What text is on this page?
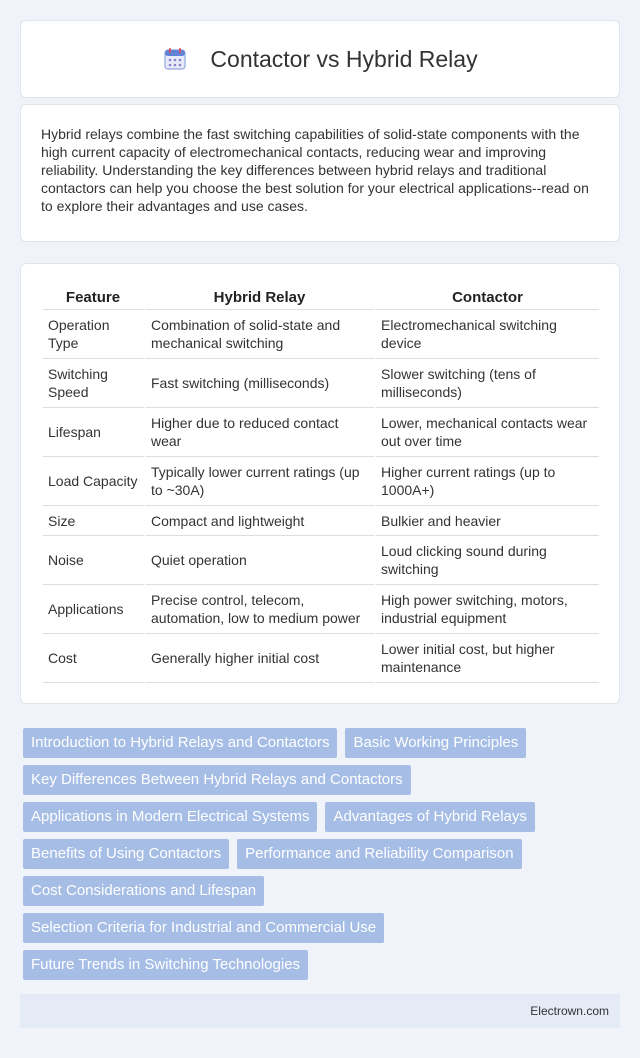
Contactor vs Hybrid Relay

Hybrid relays combine the fast switching capabilities of solid-state components with the high current capacity of electromechanical contacts, reducing wear and improving reliability. Understanding the key differences between hybrid relays and traditional contactors can help you choose the best solution for your electrical applications--read on to explore their advantages and use cases.

Feature	Hybrid Relay	Contactor
Operation Type	Combination of solid-state and mechanical switching	Electromechanical switching device
Switching Speed	Fast switching (milliseconds)	Slower switching (tens of milliseconds)
Lifespan	Higher due to reduced contact wear	Lower, mechanical contacts wear out over time
Load Capacity	Typically lower current ratings (up to ~30A)	Higher current ratings (up to 1000A+)
Size	Compact and lightweight	Bulkier and heavier
Noise	Quiet operation	Loud clicking sound during switching
Applications	Precise control, telecom, automation, low to medium power	High power switching, motors, industrial equipment
Cost	Generally higher initial cost	Lower initial cost, but higher maintenance
Introduction to Hybrid Relays and Contactors	Basic Working Principles
Key Differences Between Hybrid Relays and Contactors
Applications in Modern Electrical Systems	Advantages of Hybrid Relays
Benefits of Using Contactors	Performance and Reliability Comparison
Cost Considerations and Lifespan
Selection Criteria for Industrial and Commercial Use
Future Trends in Switching Technologies
Electrown.com
